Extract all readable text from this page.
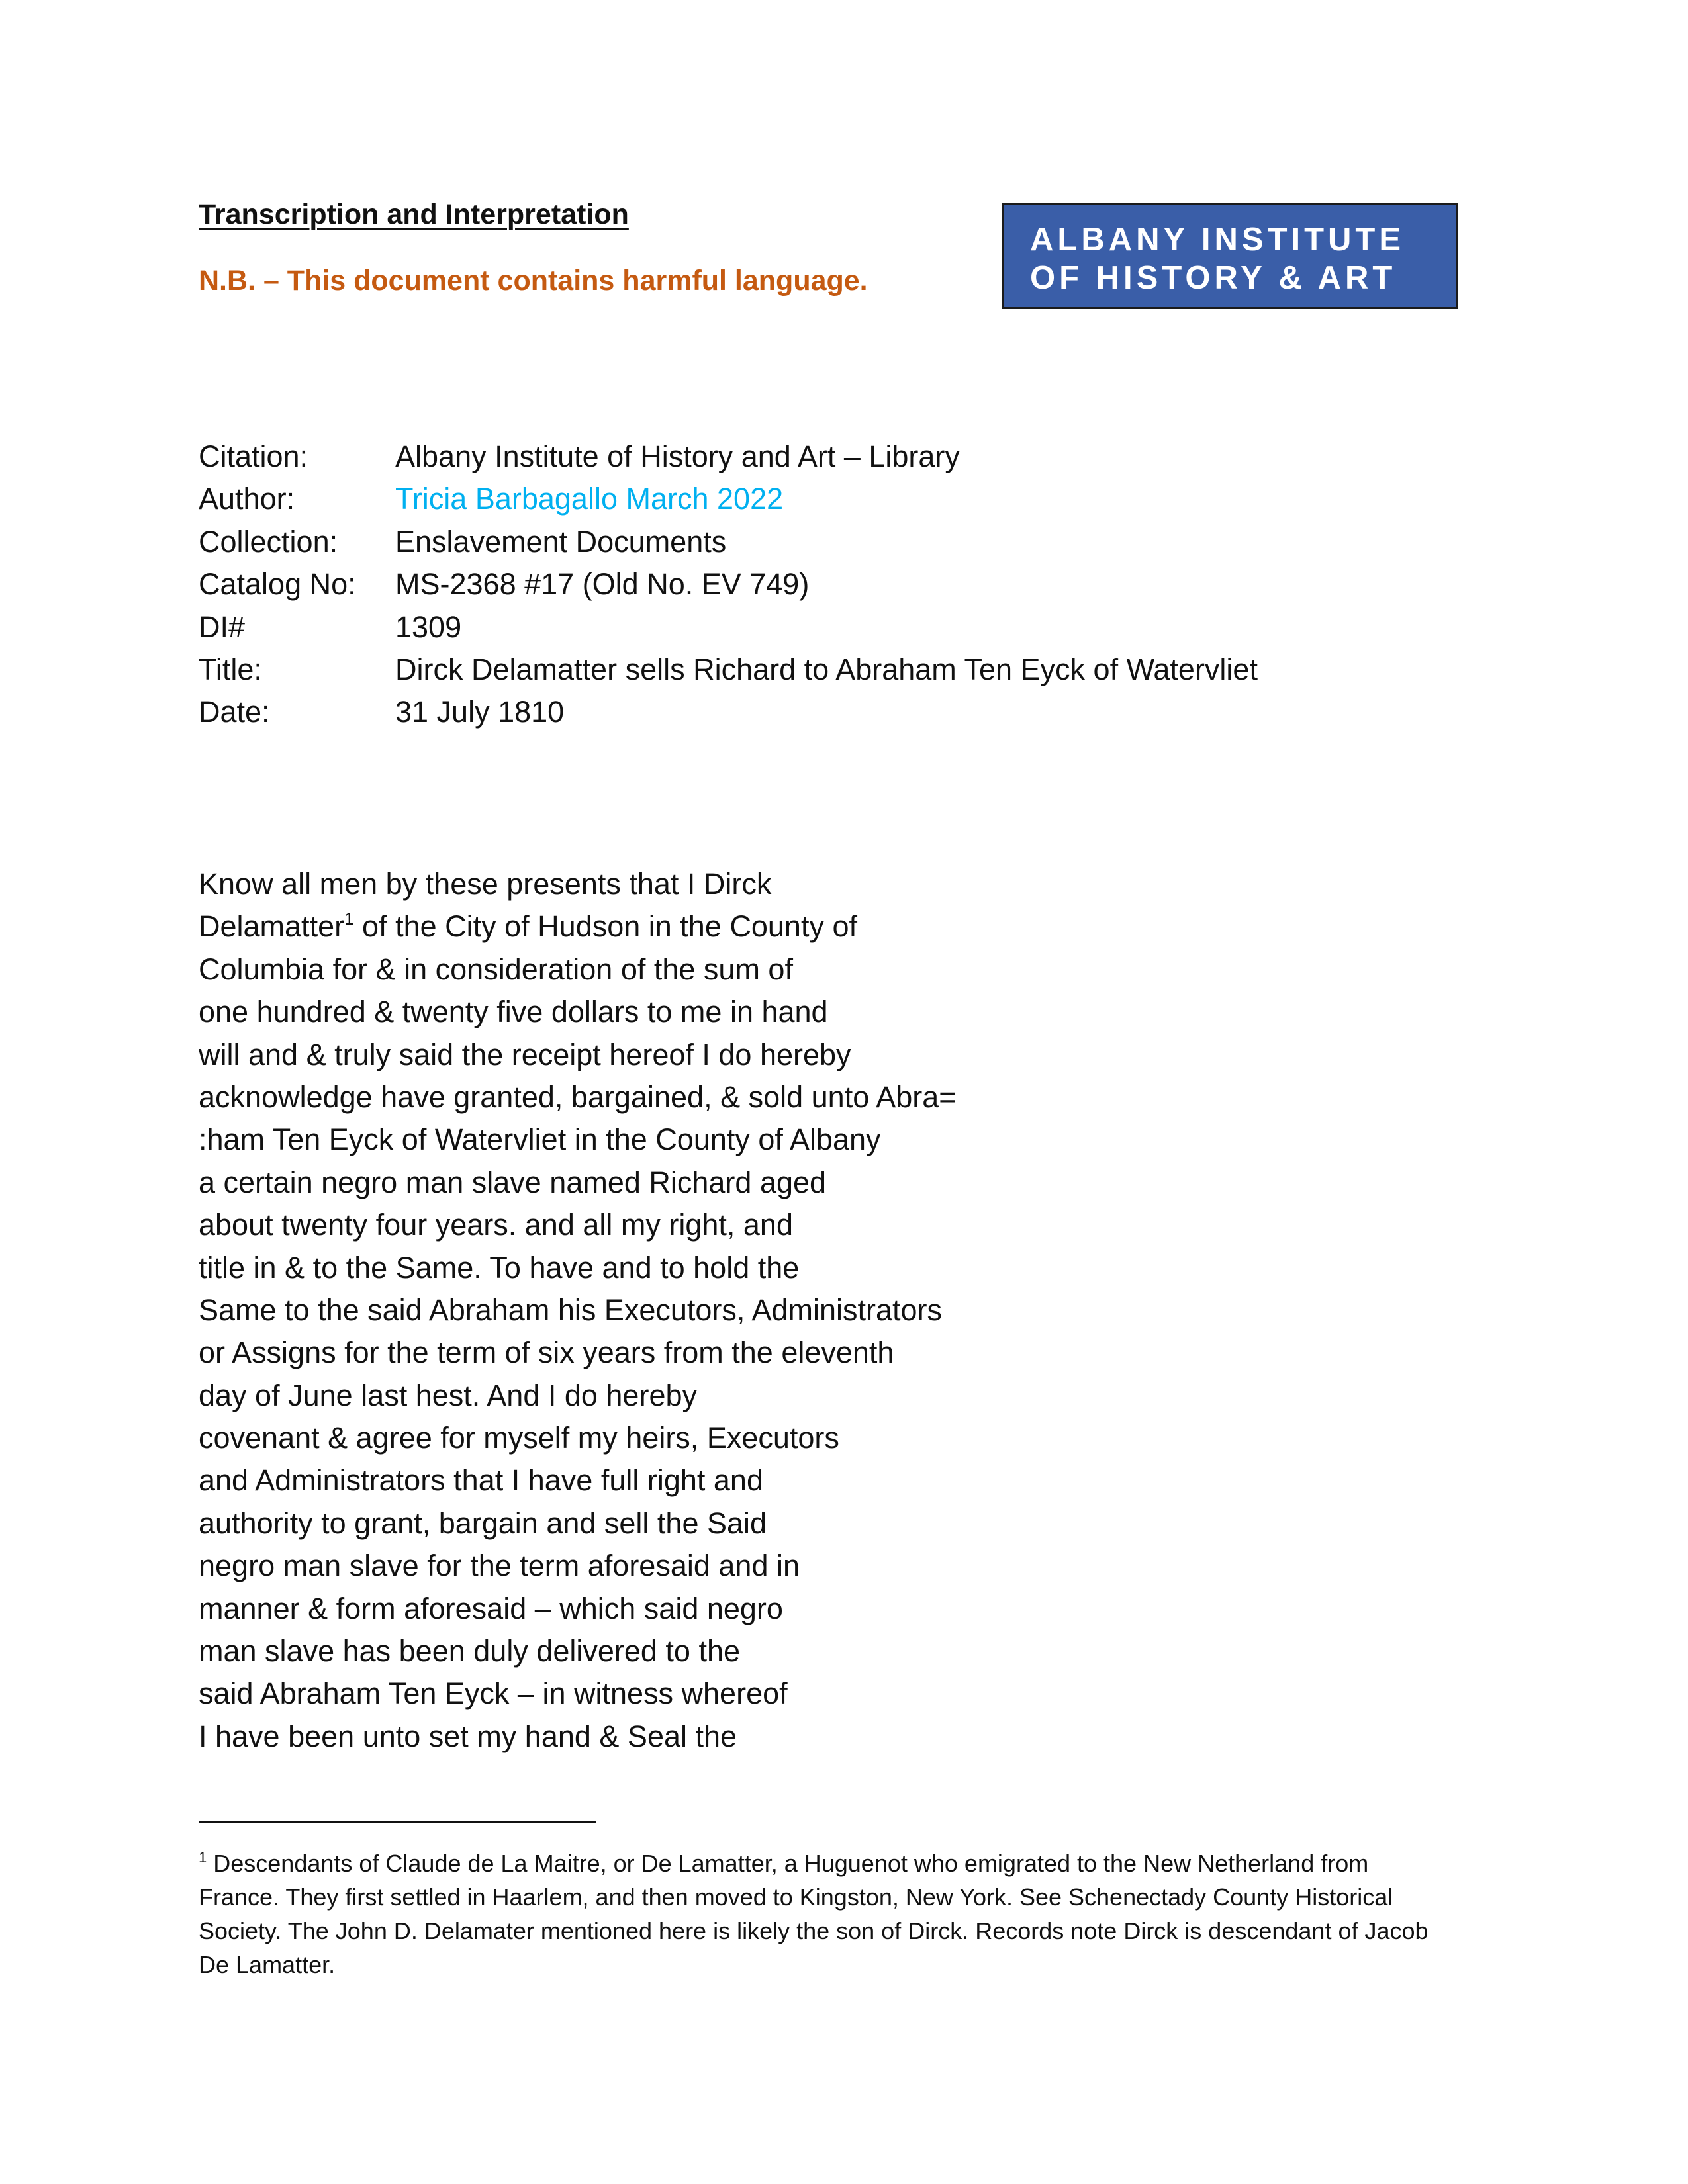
Transcription and Interpretation
N.B. – This document contains harmful language.
ALBANY INSTITUTE
OF HISTORY & ART
Citation:	Albany Institute of History and Art – Library
Author:	Tricia Barbagallo March 2022
Collection: Enslavement Documents
Catalog No: MS-2368 #17 (Old No. EV 749)
DI#	1309
Title:	Dirck Delamatter sells Richard to Abraham Ten Eyck of Watervliet
Date:	31 July 1810
Know all men by these presents that I Dirck
Delamatter$^1$ of the City of Hudson in the County of
Columbia for & in consideration of the sum of
one hundred & twenty five dollars to me in hand
will and & truly said the receipt hereof I do hereby
acknowledge have granted, bargained, & sold unto Abra=
:ham Ten Eyck of Watervliet in the County of Albany
a certain negro man slave named Richard aged
about twenty four years. and all my right, and
title in & to the Same. To have and to hold the
Same to the said Abraham his Executors, Administrators
or Assigns for the term of six years from the eleventh
day of June last hest. And I do hereby
covenant & agree for myself my heirs, Executors
and Administrators that I have full right and
authority to grant, bargain and sell the Said
negro man slave for the term aforesaid and in
manner & form aforesaid – which said negro
man slave has been duly delivered to the
said Abraham Ten Eyck – in witness whereof
I have been unto set my hand & Seal the
$^1$ Descendants of Claude de La Maitre, or De Lamatter, a Huguenot who emigrated to the New Netherland from
France. They first settled in Haarlem, and then moved to Kingston, New York. See Schenectady County Historical
Society. The John D. Delamater mentioned here is likely the son of Dirck. Records note Dirck is descendant of Jacob
De Lamatter.
